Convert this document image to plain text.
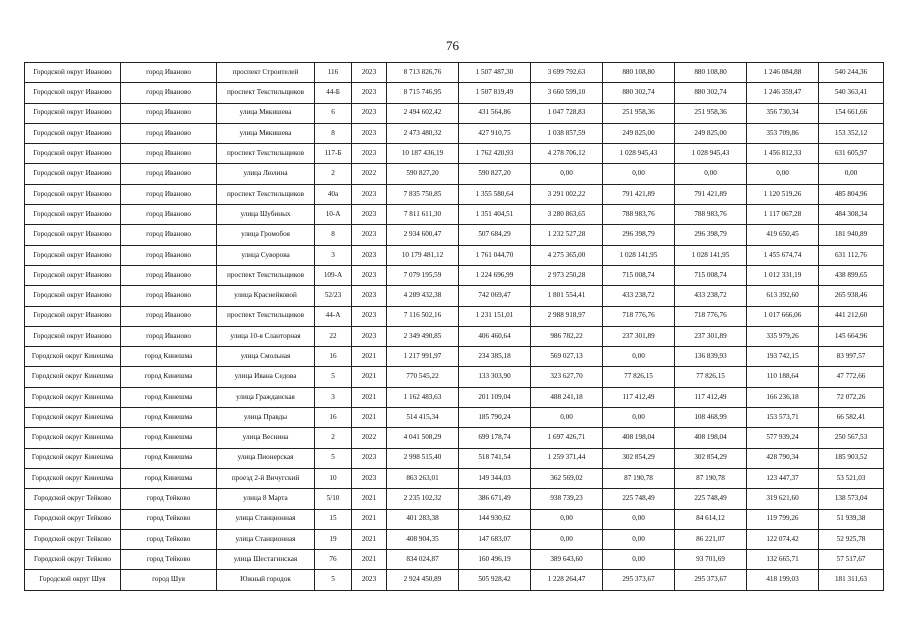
76
Городской округ Иваново	город Иваново	проспект Строителей	116	2023	8 713 826,76	1 507 487,30	3 699 792,63	880 108,80	880 108,80	1 246 084,88	540 244,36
Городской округ Иваново	город Иваново	проспект Текстильщиков	44-Б	2023	8 715 746,95	1 507 819,49	3 660 599,10	880 302,74	880 302,74	1 246 359,47	540 363,41
Городской округ Иваново	город Иваново	улица Мякишева	6	2023	2 494 602,42	431 564,86	1 047 728,83	251 958,36	251 958,36	356 730,34	154 661,66
Городской округ Иваново	город Иваново	улица Мякишева	8	2023	2 473 480,32	427 910,75	1 038 857,59	249 825,00	249 825,00	353 709,86	153 352,12
Городской округ Иваново	город Иваново	проспект Текстильщиков	117-Б	2023	10 187 436,19	1 762 420,93	4 278 706,12	1 028 945,43	1 028 945,43	1 456 812,33	631 605,97
Городской округ Иваново	город Иваново	улица Люлина	2	2022	590 827,20	590 827,20	0,00	0,00	0,00	0,00	0,00
Городской округ Иваново	город Иваново	проспект Текстильщиков	40а	2023	7 835 750,85	1 355 580,64	3 291 002,22	791 421,89	791 421,89	1 120 519,26	485 804,96
Городской округ Иваново	город Иваново	улица Шубиных	10-А	2023	7 811 611,30	1 351 404,51	3 280 863,65	788 983,76	788 983,76	1 117 067,28	484 308,34
Городской округ Иваново	город Иваново	улица Громобоя	8	2023	2 934 600,47	507 684,29	1 232 527,28	296 398,79	296 398,79	419 650,45	181 940,89
Городской округ Иваново	город Иваново	улица Суворова	3	2023	10 179 481,12	1 761 044,70	4 275 365,00	1 028 141,95	1 028 141,95	1 455 674,74	631 112,76
Городской округ Иваново	город Иваново	проспект Текстильщиков	109-А	2023	7 079 195,59	1 224 696,99	2 973 250,28	715 008,74	715 008,74	1 012 331,19	438 899,65
Городской округ Иваново	город Иваново	улица Краснейковой	52/23	2023	4 289 432,38	742 069,47	1 801 554,41	433 238,72	433 238,72	613 392,60	265 938,46
Городской округ Иваново	город Иваново	проспект Текстильщиков	44-А	2023	7 116 502,16	1 231 151,01	2 988 918,97	718 776,76	718 776,76	1 017 666,06	441 212,60
Городской округ Иваново	город Иваново	улица 10-я Сланторная	22	2023	2 349 490,85	406 460,64	986 782,22	237 301,89	237 301,89	335 979,26	145 664,96
Городской округ Кинешма	город Кинешма	улица Смольная	16	2021	1 217 991,97	234 385,18	569 027,13	0,00	136 839,93	193 742,15	83 997,57
Городской округ Кинешма	город Кинешма	улица Ивана Седова	5	2021	770 545,22	133 303,90	323 627,70	77 826,15	77 826,15	110 188,64	47 772,66
Городской округ Кинешма	город Кинешма	улица Гражданская	3	2021	1 162 483,63	201 109,04	488 241,18	117 412,49	117 412,49	166 236,18	72 072,26
Городской округ Кинешма	город Кинешма	улица Правды	16	2021	514 415,34	185 790,24	0,00	0,00	108 468,99	153 573,71	66 582,41
Городской округ Кинешма	город Кинешма	улица Веснина	2	2022	4 041 508,29	699 178,74	1 697 426,71	408 198,04	408 198,04	577 939,24	250 567,53
Городской округ Кинешма	город Кинешма	улица Пионерская	5	2023	2 998 515,40	518 741,54	1 259 371,44	302 854,29	302 854,29	428 790,34	185 903,52
Городской округ Кинешма	город Кинешма	проезд 2-й Вичугский	10	2023	863 263,01	149 344,03	362 569,02	87 190,78	87 190,78	123 447,37	53 521,03
Городской округ Тейково	город Тейково	улица 8 Марта	5/10	2021	2 235 102,32	386 671,49	938 739,23	225 748,49	225 748,49	319 621,60	138 573,04
Городской округ Тейково	город Тейково	улица Станционная	15	2021	401 283,38	144 930,62	0,00	0,00	84 614,12	119 799,26	51 939,38
Городской округ Тейково	город Тейково	улица Станционная	19	2021	408 904,35	147 683,07	0,00	0,00	86 221,07	122 074,42	52 925,78
Городской округ Тейково	город Тейково	улица Шестагинская	76	2021	834 024,87	160 496,19	389 643,60	0,00	93 701,69	132 665,71	57 517,67
Городской округ Шуя	город Шуя	Южный городок	5	2023	2 924 450,89	505 928,42	1 228 264,47	295 373,67	295 373,67	418 199,03	181 311,63
